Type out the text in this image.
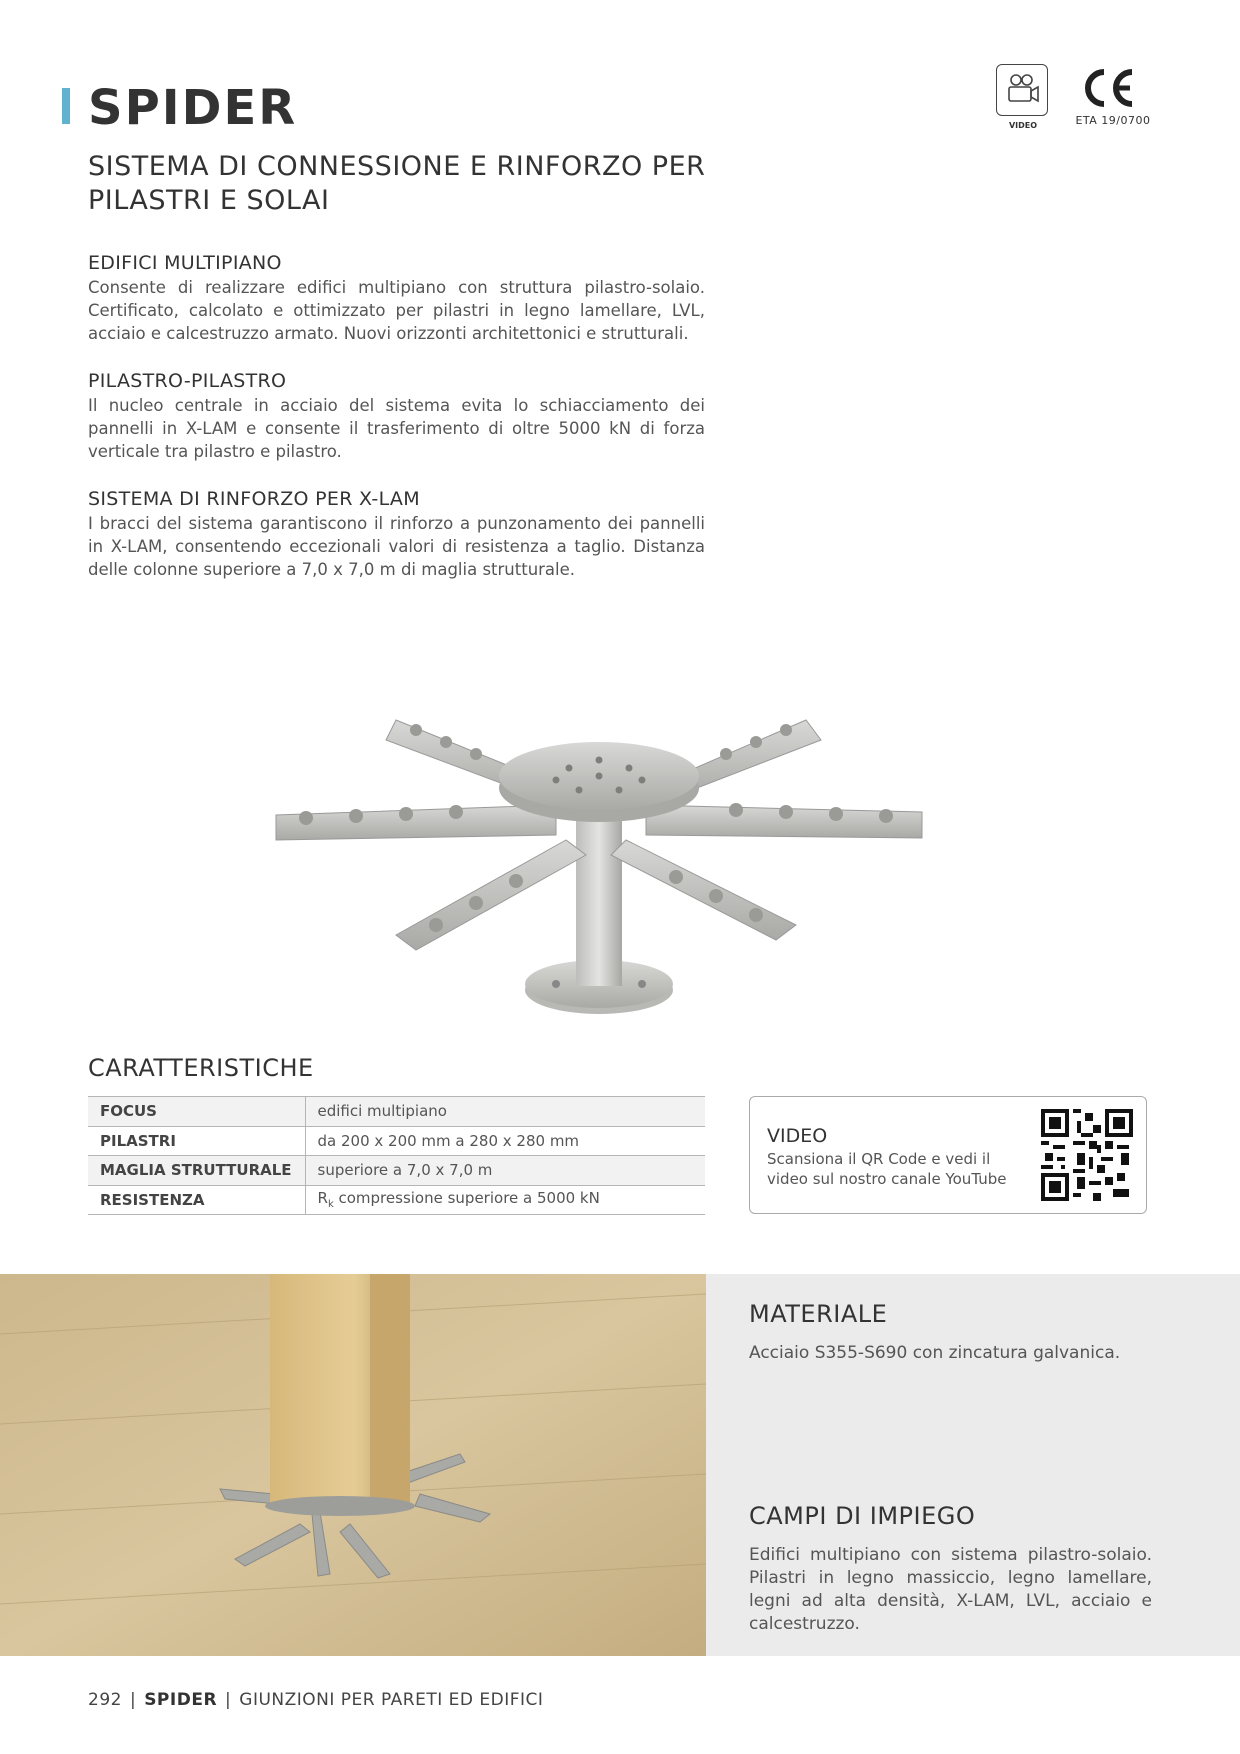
SPIDER
SISTEMA DI CONNESSIONE E RINFORZO PER PILASTRI E SOLAI
VIDEO	ETA 19/0700
EDIFICI MULTIPIANO

Consente di realizzare edifici multipiano con struttura pilastro-solaio. Certificato, calcolato e ottimizzato per pilastri in legno lamellare, LVL, acciaio e calcestruzzo armato. Nuovi orizzonti architettonici e strutturali.

PILASTRO-PILASTRO

Il nucleo centrale in acciaio del sistema evita lo schiacciamento dei pannelli in X-LAM e consente il trasferimento di oltre 5000 kN di forza verticale tra pilastro e pilastro.

SISTEMA DI RINFORZO PER X-LAM

I bracci del sistema garantiscono il rinforzo a punzonamento dei pannelli in X-LAM, consentendo eccezionali valori di resistenza a taglio. Distanza delle colonne superiore a 7,0 x 7,0 m di maglia strutturale.

CARATTERISTICHE
FOCUS	edifici multipiano
PILASTRI	da 200 x 200 mm a 280 x 280 mm
MAGLIA STRUTTURALE	superiore a 7,0 x 7,0 m
RESISTENZA	$R_k$ compressione superiore a 5000 kN
VIDEO
Scansiona il QR Code e vedi il video sul nostro canale YouTube
MATERIALE
Acciaio S355-S690 con zincatura galvanica.
CAMPI DI IMPIEGO
Edifici multipiano con sistema pilastro-solaio. Pilastri in legno massiccio, legno lamellare, legni ad alta densità, X-LAM, LVL, acciaio e calcestruzzo.
292 | SPIDER | GIUNZIONI PER PARETI ED EDIFICI
